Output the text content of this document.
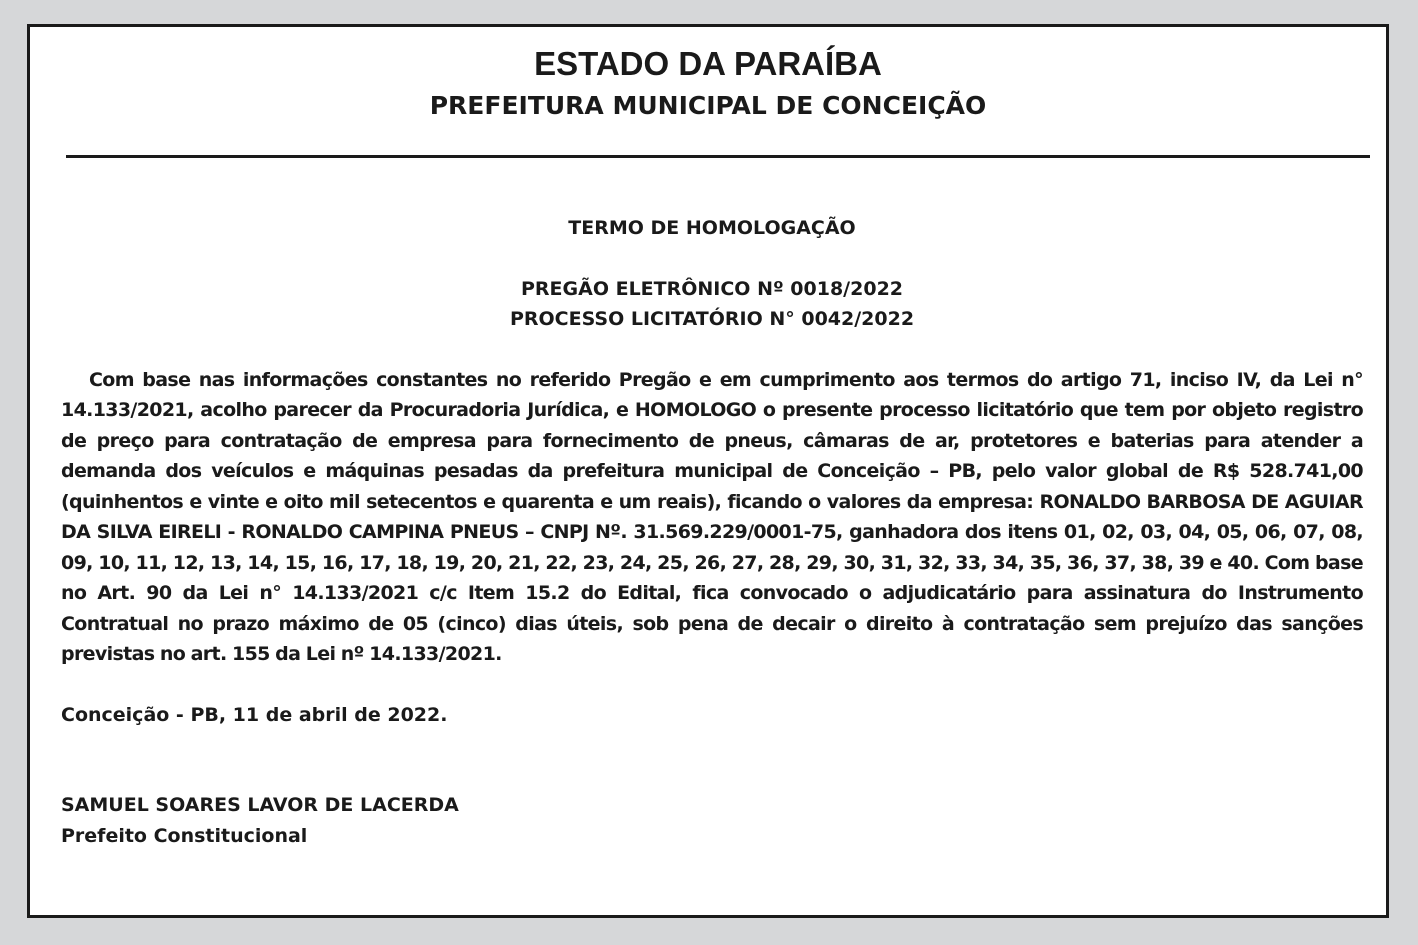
ESTADO DA PARAÍBA
PREFEITURA MUNICIPAL DE CONCEIÇÃO
TERMO DE HOMOLOGAÇÃO
PREGÃO ELETRÔNICO Nº 0018/2022
PROCESSO LICITATÓRIO N° 0042/2022

Com base nas informações constantes no referido Pregão e em cumprimento aos termos do artigo 71, inciso IV, da Lei n° 14.133/2021, acolho parecer da Procuradoria Jurídica, e HOMOLOGO o presente processo licitatório que tem por objeto registro de preço para contratação de empresa para fornecimento de pneus, câmaras de ar, protetores e baterias para atender a demanda dos veículos e máquinas pesadas da prefeitura municipal de Conceição – PB, pelo valor global de R$ 528.741,00 (quinhentos e vinte e oito mil setecentos e quarenta e um reais), ficando o valores da empresa: RONALDO BARBOSA DE AGUIAR DA SILVA EIRELI - RONALDO CAMPINA PNEUS – CNPJ Nº. 31.569.229/0001-75, ganhadora dos itens 01, 02, 03, 04, 05, 06, 07, 08, 09, 10, 11, 12, 13, 14, 15, 16, 17, 18, 19, 20, 21, 22, 23, 24, 25, 26, 27, 28, 29, 30, 31, 32, 33, 34, 35, 36, 37, 38, 39 e 40. Com base no Art. 90 da Lei n° 14.133/2021 c/c Item 15.2 do Edital, fica convocado o adjudicatário para assinatura do Instrumento Contratual no prazo máximo de 05 (cinco) dias úteis, sob pena de decair o direito à contratação sem prejuízo das sanções previstas no art. 155 da Lei nº 14.133/2021.

Conceição - PB, 11 de abril de 2022.
SAMUEL SOARES LAVOR DE LACERDA
Prefeito Constitucional
